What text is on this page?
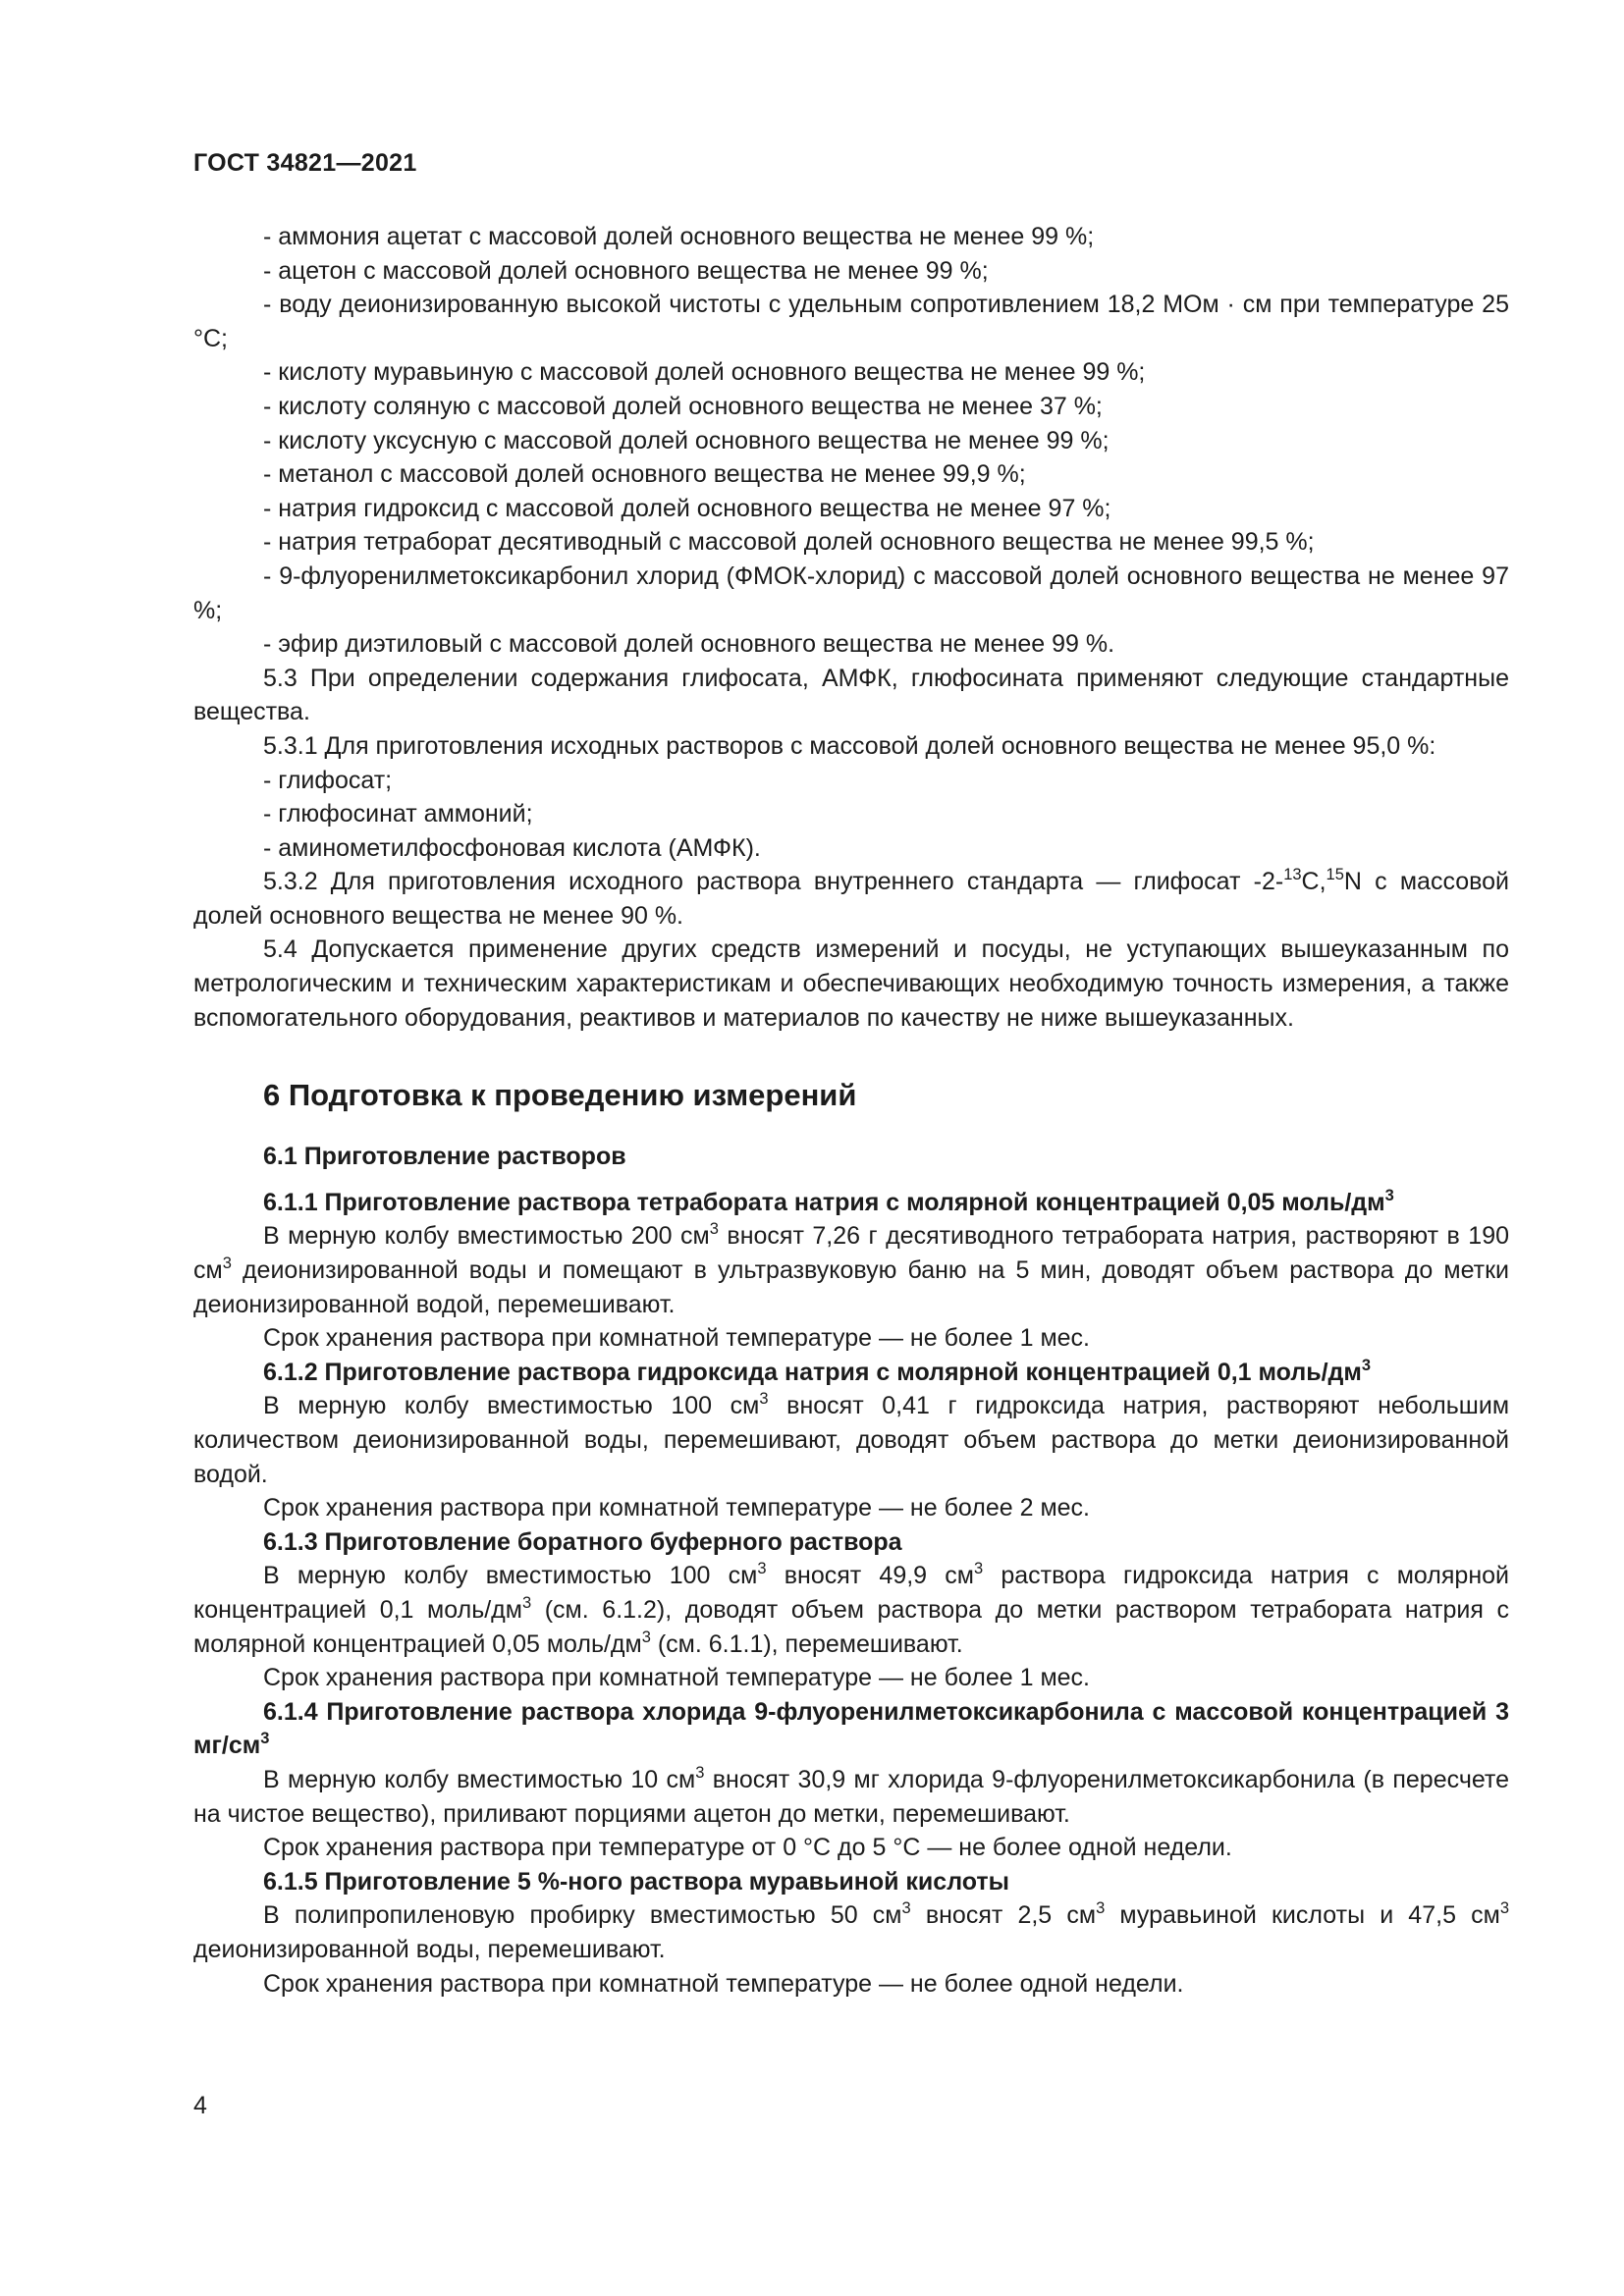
ГОСТ 34821—2021

- аммония ацетат с массовой долей основного вещества не менее 99 %;

- ацетон с массовой долей основного вещества не менее 99 %;

- воду деионизированную высокой чистоты с удельным сопротивлением 18,2 МОм · см при температуре 25 °С;

- кислоту муравьиную с массовой долей основного вещества не менее 99 %;

- кислоту соляную с массовой долей основного вещества не менее 37 %;

- кислоту уксусную с массовой долей основного вещества не менее 99 %;

- метанол с массовой долей основного вещества не менее 99,9 %;

- натрия гидроксид с массовой долей основного вещества не менее 97 %;

- натрия тетраборат десятиводный с массовой долей основного вещества не менее 99,5 %;

- 9-флуоренилметоксикарбонил хлорид (ФМОК-хлорид) с массовой долей основного вещества не менее 97 %;

- эфир диэтиловый с массовой долей основного вещества не менее 99 %.

5.3 При определении содержания глифосата, АМФК, глюфосината применяют следующие стандартные вещества.

5.3.1 Для приготовления исходных растворов с массовой долей основного вещества не менее 95,0 %:

- глифосат;

- глюфосинат аммоний;

- аминометилфосфоновая кислота (АМФК).

5.3.2 Для приготовления исходного раствора внутреннего стандарта — глифосат -2-$^{13}$C,$^{15}$N с массовой долей основного вещества не менее 90 %.

5.4 Допускается применение других средств измерений и посуды, не уступающих вышеуказанным по метрологическим и техническим характеристикам и обеспечивающих необходимую точность измерения, а также вспомогательного оборудования, реактивов и материалов по качеству не ниже вышеуказанных.

6 Подготовка к проведению измерений

6.1 Приготовление растворов

6.1.1 Приготовление раствора тетрабората натрия с молярной концентрацией 0,05 моль/$дм^3$

В мерную колбу вместимостью 200 $см^3$ вносят 7,26 г десятиводного тетрабората натрия, растворяют в 190 $см^3$ деионизированной воды и помещают в ультразвуковую баню на 5 мин, доводят объем раствора до метки деионизированной водой, перемешивают.

Срок хранения раствора при комнатной температуре — не более 1 мес.

6.1.2 Приготовление раствора гидроксида натрия с молярной концентрацией 0,1 моль/$дм^3$

В мерную колбу вместимостью 100 $см^3$ вносят 0,41 г гидроксида натрия, растворяют небольшим количеством деионизированной воды, перемешивают, доводят объем раствора до метки деионизированной водой.

Срок хранения раствора при комнатной температуре — не более 2 мес.

6.1.3 Приготовление боратного буферного раствора

В мерную колбу вместимостью 100 $см^3$ вносят 49,9 $см^3$ раствора гидроксида натрия с молярной концентрацией 0,1 моль/$дм^3$ (см. 6.1.2), доводят объем раствора до метки раствором тетрабората натрия с молярной концентрацией 0,05 моль/$дм^3$ (см. 6.1.1), перемешивают.

Срок хранения раствора при комнатной температуре — не более 1 мес.

6.1.4 Приготовление раствора хлорида 9-флуоренилметоксикарбонила с массовой концентрацией 3 $мг/см^3$

В мерную колбу вместимостью 10 $см^3$ вносят 30,9 мг хлорида 9-флуоренилметоксикарбонила (в пересчете на чистое вещество), приливают порциями ацетон до метки, перемешивают.

Срок хранения раствора при температуре от 0 °С до 5 °С — не более одной недели.

6.1.5 Приготовление 5 %-ного раствора муравьиной кислоты

В полипропиленовую пробирку вместимостью 50 $см^3$ вносят 2,5 $см^3$ муравьиной кислоты и 47,5 $см^3$ деионизированной воды, перемешивают.

Срок хранения раствора при комнатной температуре — не более одной недели.

4
